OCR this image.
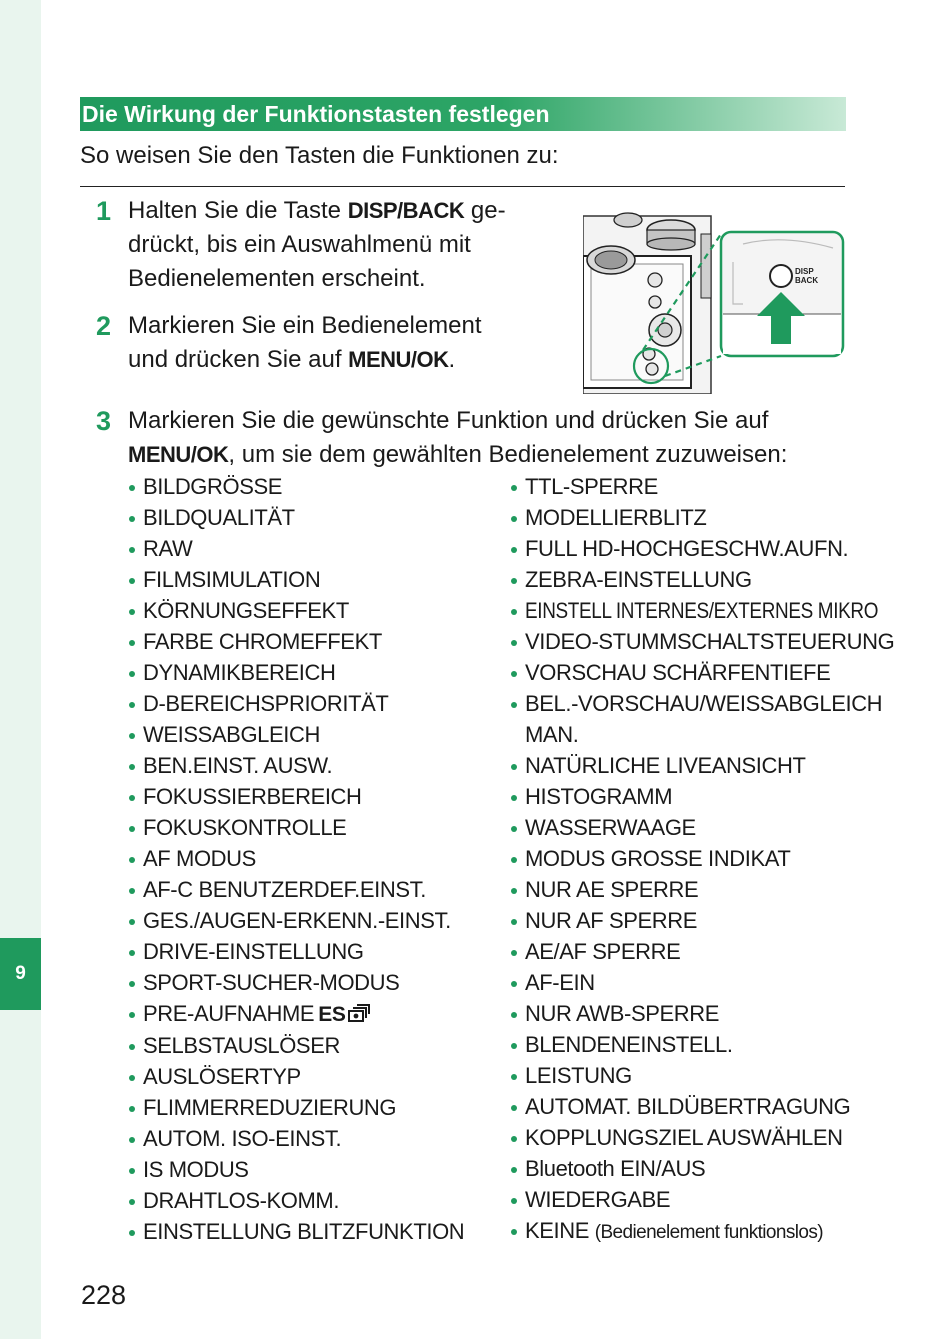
9
Die Wirkung der Funktionstasten festlegen
So weisen Sie den Tasten die Funktionen zu:
1 Halten Sie die Taste DISP/BACK ge-
drückt, bis ein Auswahlmenü mit
Bedienelementen erscheint.
2 Markieren Sie ein Bedienelement
und drücken Sie auf MENU/OK.
DISP
BACK
3 Markieren Sie die gewünschte Funktion und drücken Sie auf
MENU/OK, um sie dem gewählten Bedienelement zuzuweisen:
BILDGRÖSSE
BILDQUALITÄT
RAW
FILMSIMULATION
KÖRNUNGSEFFEKT
FARBE CHROMEFFEKT
DYNAMIKBEREICH
D-BEREICHSPRIORITÄT
WEISSABGLEICH
BEN.EINST. AUSW.
FOKUSSIERBEREICH
FOKUSKONTROLLE
AF MODUS
AF-C BENUTZERDEF.EINST.
GES./AUGEN-ERKENN.-EINST.
DRIVE-EINSTELLUNG
SPORT-SUCHER-MODUS
PRE-AUFNAHME ES
SELBSTAUSLÖSER
AUSLÖSERTYP
FLIMMERREDUZIERUNG
AUTOM. ISO-EINST.
IS MODUS
DRAHTLOS-KOMM.
EINSTELLUNG BLITZFUNKTION
TTL-SPERRE
MODELLIERBLITZ
FULL HD-HOCHGESCHW.AUFN.
ZEBRA-EINSTELLUNG
EINSTELL INTERNES/EXTERNES MIKRO
VIDEO-STUMMSCHALTSTEUERUNG
VORSCHAU SCHÄRFENTIEFE
BEL.-VORSCHAU/WEISSABGLEICH
MAN.
NATÜRLICHE LIVEANSICHT
HISTOGRAMM
WASSERWAAGE
MODUS GROSSE INDIKAT
NUR AE SPERRE
NUR AF SPERRE
AE/AF SPERRE
AF-EIN
NUR AWB-SPERRE
BLENDENEINSTELL.
LEISTUNG
AUTOMAT. BILDÜBERTRAGUNG
KOPPLUNGSZIEL AUSWÄHLEN
Bluetooth EIN/AUS
WIEDERGABE
KEINE (Bedienelement funktionslos)
228
